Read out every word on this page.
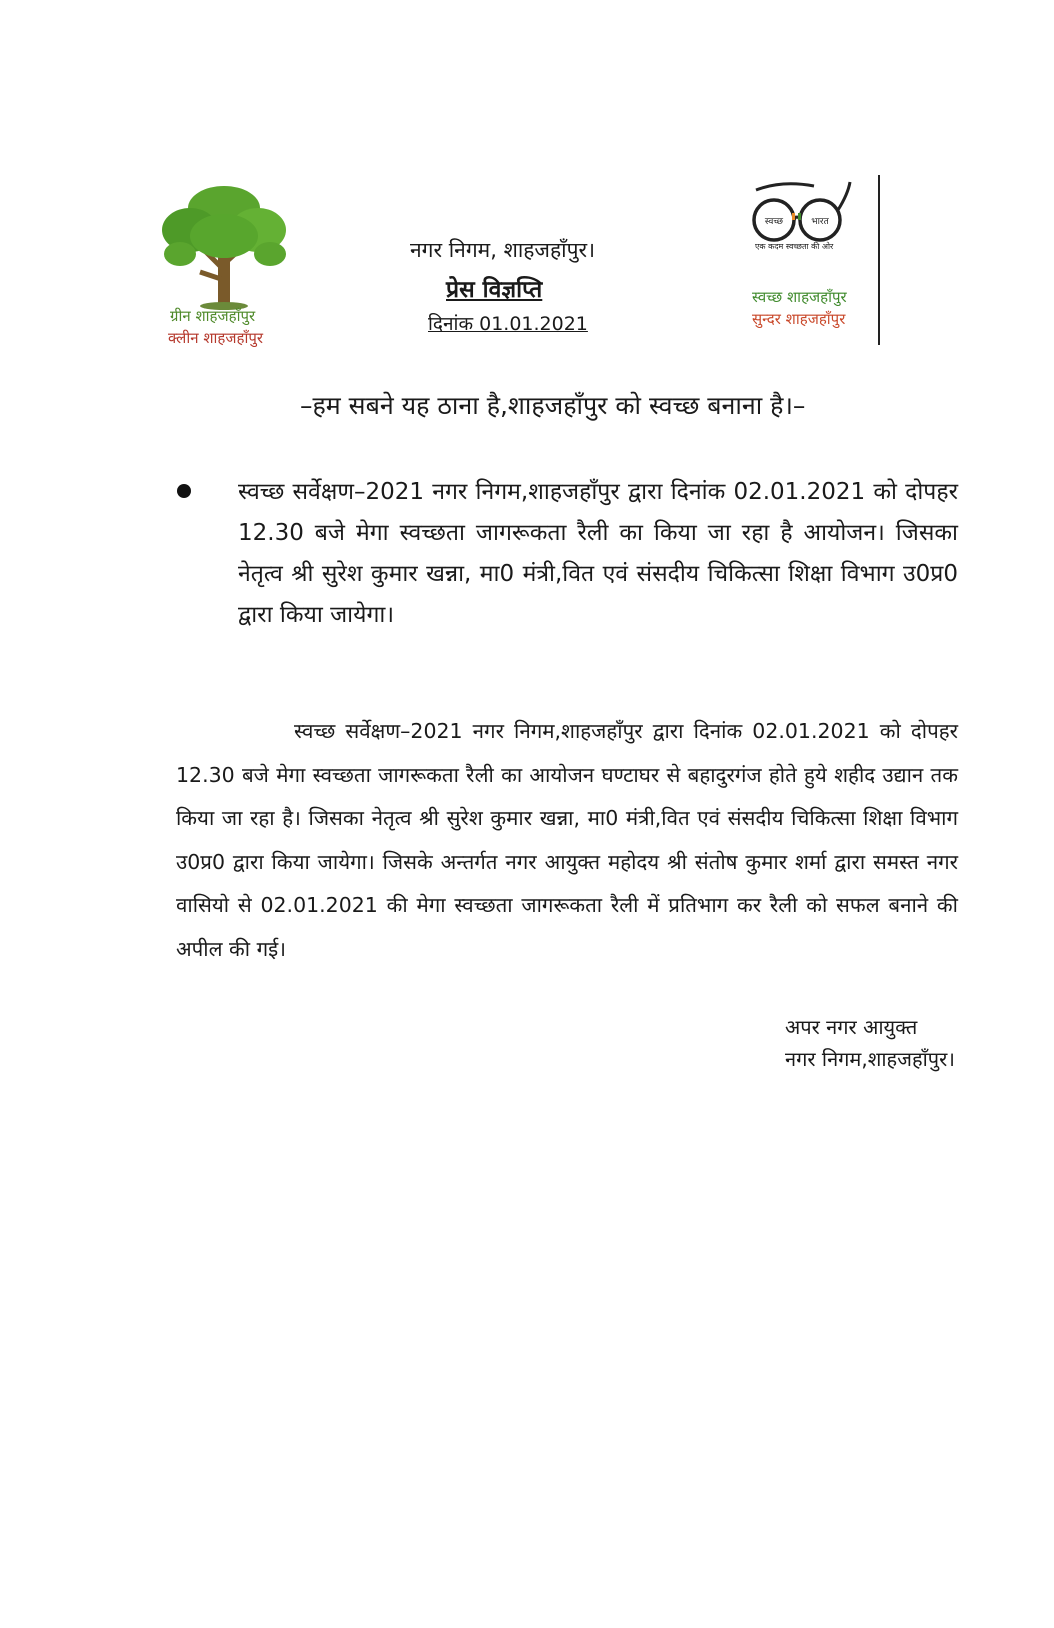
ग्रीन शाहजहाँपुर
क्लीन शाहजहाँपुर
नगर निगम, शाहजहाँपुर।
प्रेस विज्ञप्ति
दिनांक 01.01.2021
स्वच्छ	भारत
एक कदम स्वच्छता की ओर
स्वच्छ शाहजहाँपुर
सुन्दर शाहजहाँपुर
–हम सबने यह ठाना है,शाहजहाँपुर को स्वच्छ बनाना है।–
स्वच्छ सर्वेक्षण–2021 नगर निगम,शाहजहाँपुर द्वारा दिनांक 02.01.2021 को दोपहर 12.30 बजे मेगा स्वच्छता जागरूकता रैली का किया जा रहा है आयोजन। जिसका नेतृत्व श्री सुरेश कुमार खन्ना, मा0 मंत्री,वित एवं संसदीय चिकित्सा शिक्षा विभाग उ0प्र0 द्वारा किया जायेगा।
स्वच्छ सर्वेक्षण–2021 नगर निगम,शाहजहाँपुर द्वारा दिनांक 02.01.2021 को दोपहर 12.30 बजे मेगा स्वच्छता जागरूकता रैली का आयोजन घण्टाघर से बहादुरगंज होते हुये शहीद उद्यान तक किया जा रहा है। जिसका नेतृत्व श्री सुरेश कुमार खन्ना, मा0 मंत्री,वित एवं संसदीय चिकित्सा शिक्षा विभाग उ0प्र0 द्वारा किया जायेगा। जिसके अन्तर्गत नगर आयुक्त महोदय श्री संतोष कुमार शर्मा द्वारा समस्त नगर वासियो से 02.01.2021 की मेगा स्वच्छता जागरूकता रैली में प्रतिभाग कर रैली को सफल बनाने की अपील की गई।
अपर नगर आयुक्त
नगर निगम,शाहजहाँपुर।
